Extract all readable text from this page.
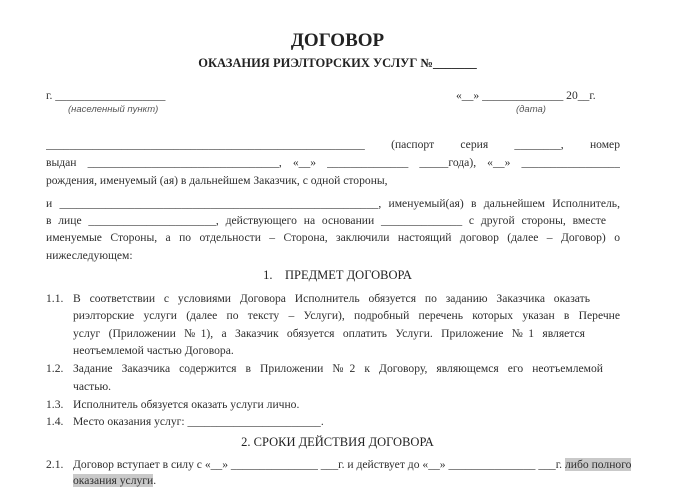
ДОГОВОР
ОКАЗАНИЯ РИЭЛТОРСКИХ УСЛУГ №_______
г. ___________________
(населенный пункт)
«__» ______________ 20__г.
(дата)
_______________________________________________________ (паспорт серия ________, номер
выдан _________________________________, «__» ______________ _____года), «__» _________________
рождения, именуемый (ая) в дальнейшем Заказчик, с одной стороны,
и _______________________________________________________, именуемый(ая) в дальнейшем Исполнитель,
в лице ______________________, действующего на основании ______________ с другой стороны, вместе
именуемые Стороны, а по отдельности – Сторона, заключили настоящий договор (далее – Договор) о
нижеследующем:
1.    ПРЕДМЕТ ДОГОВОРА
1.1. В соответствии с условиями Договора Исполнитель обязуется по заданию Заказчика оказать
риэлторские услуги (далее по тексту – Услуги), подробный перечень которых указан в Перечне
услуг (Приложении №1), а Заказчик обязуется оплатить Услуги. Приложение №1 является
неотъемлемой частью Договора.
1.2. Задание Заказчика содержится в Приложении №2 к Договору, являющемся его неотъемлемой
частью.
1.3. Исполнитель обязуется оказать услуги лично.
1.4. Место оказания услуг: _______________________.
2. СРОКИ ДЕЙСТВИЯ ДОГОВОРА
2.1. Договор вступает в силу с «__» _______________ ___г. и действует до «__» _______________ ___г. либо полного
оказания услуги.
